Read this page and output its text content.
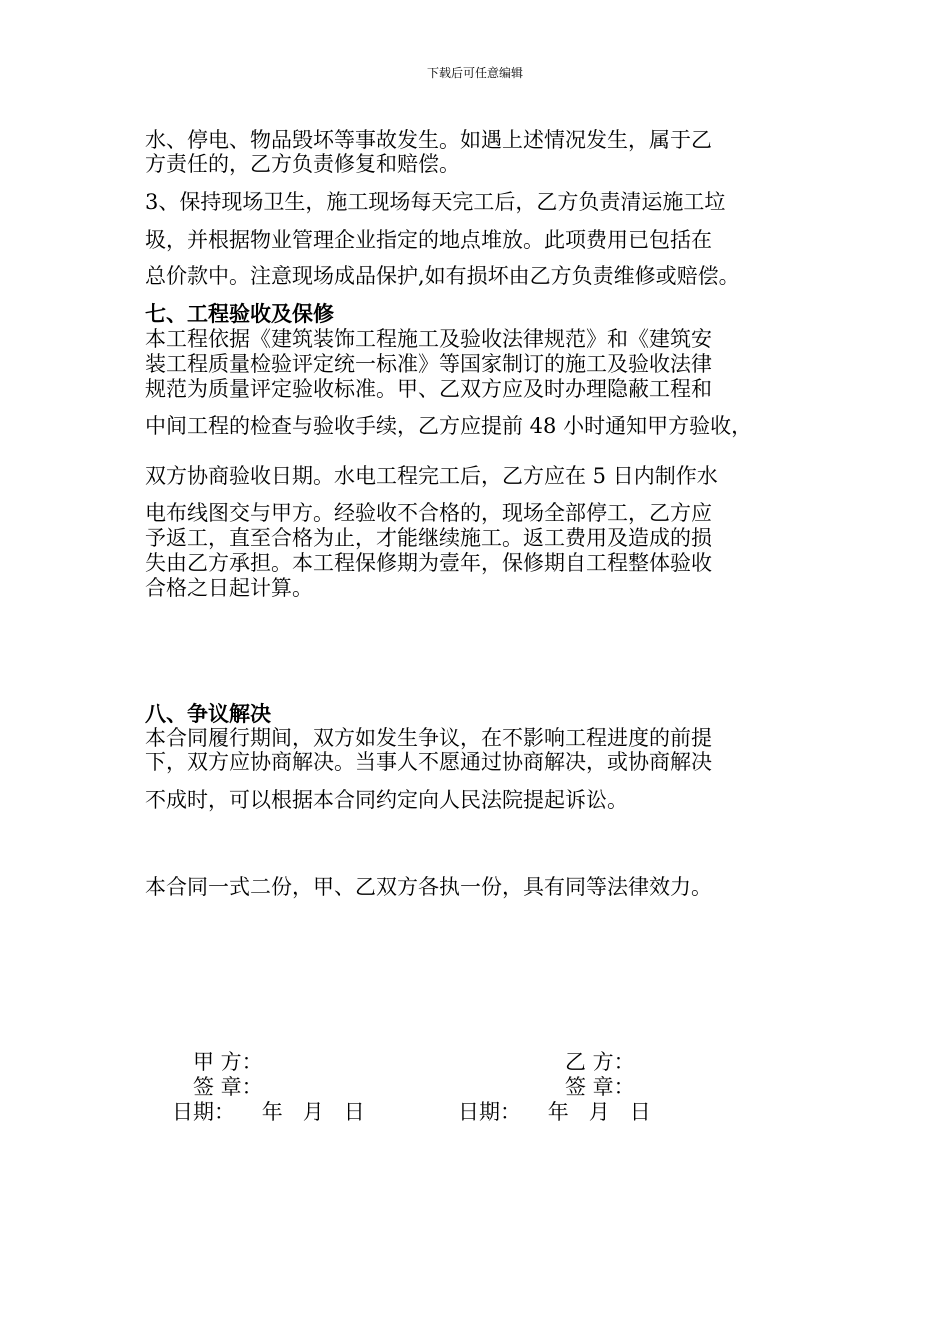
下载后可任意编辑
水、停电、物品毁坏等事故发生。如遇上述情况发生，属于乙
方责任的，乙方负责修复和赔偿。
3、保持现场卫生，施工现场每天完工后，乙方负责清运施工垃
圾，并根据物业管理企业指定的地点堆放。此项费用已包括在
总价款中。注意现场成品保护,如有损坏由乙方负责维修或赔偿。
七、工程验收及保修
本工程依据《建筑装饰工程施工及验收法律规范》和《建筑安
装工程质量检验评定统一标准》等国家制订的施工及验收法律
规范为质量评定验收标准。甲、乙双方应及时办理隐蔽工程和
中间工程的检查与验收手续，乙方应提前 48 小时通知甲方验收，
双方协商验收日期。水电工程完工后，乙方应在 5 日内制作水
电布线图交与甲方。经验收不合格的，现场全部停工，乙方应
予返工，直至合格为止，才能继续施工。返工费用及造成的损
失由乙方承担。本工程保修期为壹年，保修期自工程整体验收
合格之日起计算。
八、争议解决
本合同履行期间，双方如发生争议，在不影响工程进度的前提
下，双方应协商解决。当事人不愿通过协商解决，或协商解决
不成时，可以根据本合同约定向人民法院提起诉讼。
本合同一式二份，甲、乙双方各执一份，具有同等法律效力。
甲 方：
签 章：
日期：    年   月   日
乙 方：
签 章：
日期：    年   月   日
